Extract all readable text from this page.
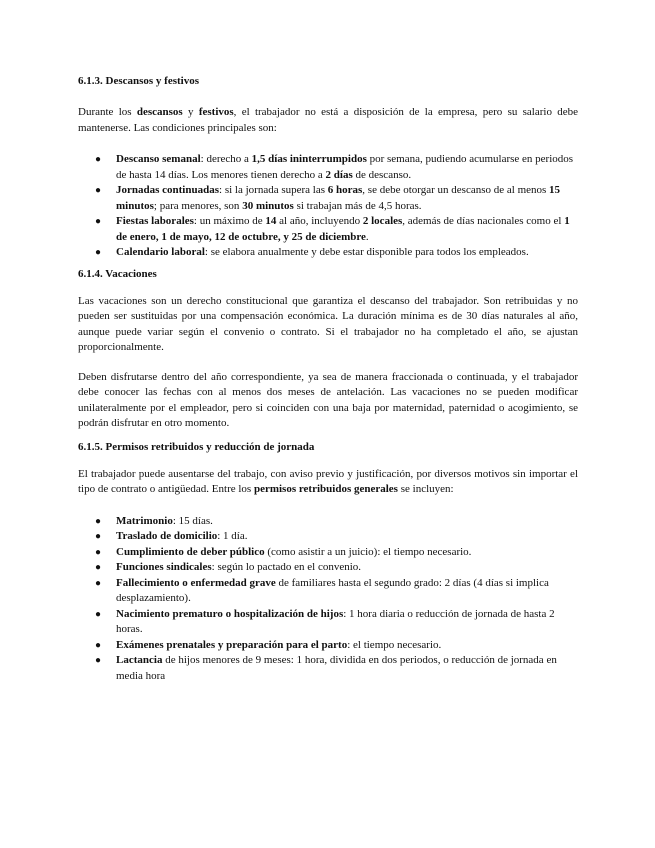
6.1.3. Descansos y festivos

Durante los descansos y festivos, el trabajador no está a disposición de la empresa, pero su salario debe mantenerse. Las condiciones principales son:

● Descanso semanal: derecho a 1,5 días ininterrumpidos por semana, pudiendo acumularse en periodos de hasta 14 días. Los menores tienen derecho a 2 días de descanso.
● Jornadas continuadas: si la jornada supera las 6 horas, se debe otorgar un descanso de al menos 15 minutos; para menores, son 30 minutos si trabajan más de 4,5 horas.
● Fiestas laborales: un máximo de 14 al año, incluyendo 2 locales, además de días nacionales como el 1 de enero, 1 de mayo, 12 de octubre, y 25 de diciembre.
● Calendario laboral: se elabora anualmente y debe estar disponible para todos los empleados.
6.1.4. Vacaciones

Las vacaciones son un derecho constitucional que garantiza el descanso del trabajador. Son retribuidas y no pueden ser sustituidas por una compensación económica. La duración mínima es de 30 días naturales al año, aunque puede variar según el convenio o contrato. Si el trabajador no ha completado el año, se ajustan proporcionalmente.

Deben disfrutarse dentro del año correspondiente, ya sea de manera fraccionada o continuada, y el trabajador debe conocer las fechas con al menos dos meses de antelación. Las vacaciones no se pueden modificar unilateralmente por el empleador, pero si coinciden con una baja por maternidad, paternidad o acogimiento, se podrán disfrutar en otro momento.

6.1.5. Permisos retribuidos y reducción de jornada

El trabajador puede ausentarse del trabajo, con aviso previo y justificación, por diversos motivos sin importar el tipo de contrato o antigüedad. Entre los permisos retribuidos generales se incluyen:

● Matrimonio: 15 días.
● Traslado de domicilio: 1 día.
● Cumplimiento de deber público (como asistir a un juicio): el tiempo necesario.
● Funciones sindicales: según lo pactado en el convenio.
● Fallecimiento o enfermedad grave de familiares hasta el segundo grado: 2 días (4 días si implica desplazamiento).
● Nacimiento prematuro o hospitalización de hijos: 1 hora diaria o reducción de jornada de hasta 2 horas.
● Exámenes prenatales y preparación para el parto: el tiempo necesario.
● Lactancia de hijos menores de 9 meses: 1 hora, dividida en dos periodos, o reducción de jornada en media hora
